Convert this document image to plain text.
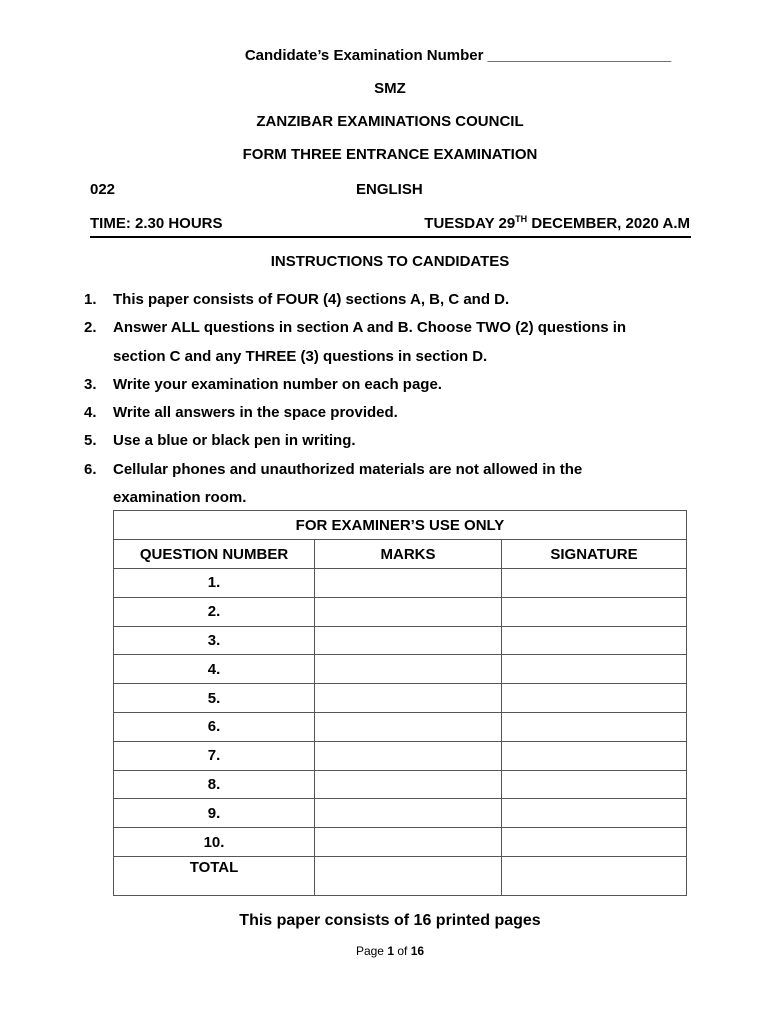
Candidate’s Examination Number ______________________
SMZ
ZANZIBAR EXAMINATIONS COUNCIL
FORM THREE ENTRANCE EXAMINATION
022	ENGLISH
TIME: 2.30 HOURS	TUESDAY 29TH DECEMBER, 2020 A.M
INSTRUCTIONS TO CANDIDATES
1. This paper consists of FOUR (4) sections A, B, C and D.
2. Answer ALL questions in section A and B. Choose TWO (2) questions in section C and any THREE (3) questions in section D.
3. Write your examination number on each page.
4. Write all answers in the space provided.
5. Use a blue or black pen in writing.
6. Cellular phones and unauthorized materials are not allowed in the examination room.
FOR EXAMINER’S USE ONLY		
QUESTION NUMBER	MARKS	SIGNATURE
1.		
2.		
3.		
4.		
5.		
6.		
7.		
8.		
9.		
10.		
TOTAL		
This paper consists of 16 printed pages
Page 1 of 16
